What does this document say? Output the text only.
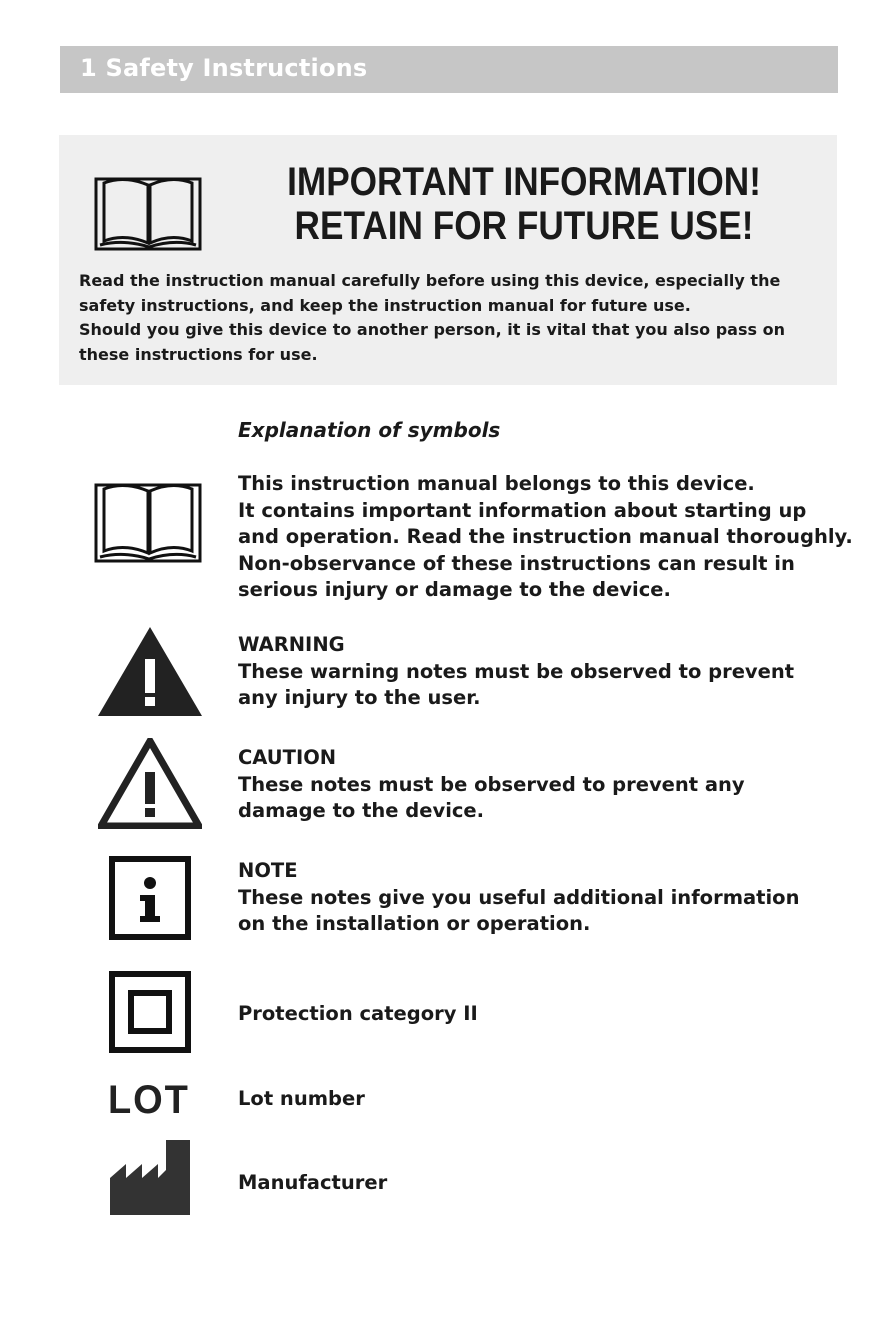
1 Safety Instructions
IMPORTANT INFORMATION!
RETAIN FOR FUTURE USE!
Read the instruction manual carefully before using this device, especially the
safety instructions, and keep the instruction manual for future use.
Should you give this device to another person, it is vital that you also pass on
these instructions for use.
Explanation of symbols
This instruction manual belongs to this device.
It contains important information about starting up
and operation. Read the instruction manual thoroughly.
Non-observance of these instructions can result in
serious injury or damage to the device.
WARNING
These warning notes must be observed to prevent
any injury to the user.
CAUTION
These notes must be observed to prevent any
damage to the device.
NOTE
These notes give you useful additional information
on the installation or operation.
Protection category II
LOT Lot number
Manufacturer
